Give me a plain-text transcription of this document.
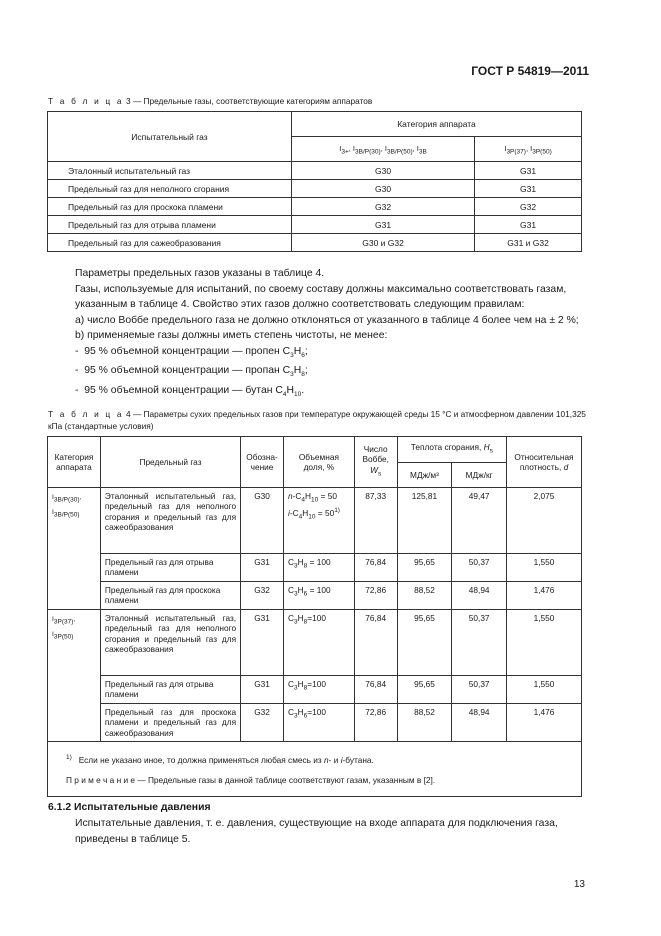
ГОСТ Р 54819—2011
Т а б л и ц а 3 — Предельные газы, соответствующие категориям аппаратов
Испытательный газ	Категория аппарата	
	$I_{3+}$, $I_{3B/P(30)}$, $I_{3B/P(50)}$, $I_{3B}$	$I_{3P(37)}$, $I_{3P(50)}$
Эталонный испытательный газ	G30	G31
Предельный газ для неполного сгорания	G30	G31
Предельный газ для проскока пламени	G32	G32
Предельный газ для отрыва пламени	G31	G31
Предельный газ для сажеобразования	G30 и G32	G31 и G32
Параметры предельных газов указаны в таблице 4.
Газы, используемые для испытаний, по своему составу должны максимально соответствовать газам, указанным в таблице 4. Свойство этих газов должно соответствовать следующим правилам:
a) число Воббе предельного газа не должно отклоняться от указанного в таблице 4 более чем на ± 2 %;
b) применяемые газы должны иметь степень чистоты, не менее:
-  95 % объемной концентрации — пропен $C_3H_6$;
-  95 % объемной концентрации — пропан $C_3H_8$;
-  95 % объемной концентрации — бутан $C_4H_{10}$.
Т а б л и ц а 4 — Параметры сухих предельных газов при температуре окружающей среды 15 °С и атмосферном давлении 101,325 кПа (стандартные условия)
Категория аппарата	Предельный газ	Обозна-чение	Объемная доля, %	Число Воббе, $W_s$	Теплота сгорания, $H_s$		Относительная плотность, d
					МДж/м³	МДж/кг	
$I_{3B/P(30)}$,
$I_{3B/P(50)}$	Эталонный испытательный газ, предельный газ для неполного сгорания и предельный газ для сажеобразования	G30	$n-C_4H_{10} = 50$
$i-C_4H_{10} = 50^{1)}$	87,33	125,81	49,47	2,075
	Предельный газ для отрыва пламени	G31	$C_3H_8 = 100$	76,84	95,65	50,37	1,550
	Предельный газ для проскока пламени	G32	$C_3H_6 = 100$	72,86	88,52	48,94	1,476
$I_{3P(37)}$,
$I_{3P(50)}$	Эталонный испытательный газ, предельный газ для неполного сгорания и предельный газ для сажеобразования	G31	$C_3H_8=100$	76,84	95,65	50,37	1,550
	Предельный газ для отрыва пламени	G31	$C_3H_8=100$	76,84	95,65	50,37	1,550
	Предельный газ для проскока пламени и предельный газ для сажеобразования	G32	$C_3H_6=100$	72,86	88,52	48,94	1,476

$^{1)}$   Если не указано иное, то должна применяться любая смесь из n- и i-бутана.
П р и м е ч а н и е — Предельные газы в данной таблице соответствуют газам, указанным в [2].							
6.1.2 Испытательные давления
Испытательные давления, т. е. давления, существующие на входе аппарата для подключения газа, приведены в таблице 5.
13
